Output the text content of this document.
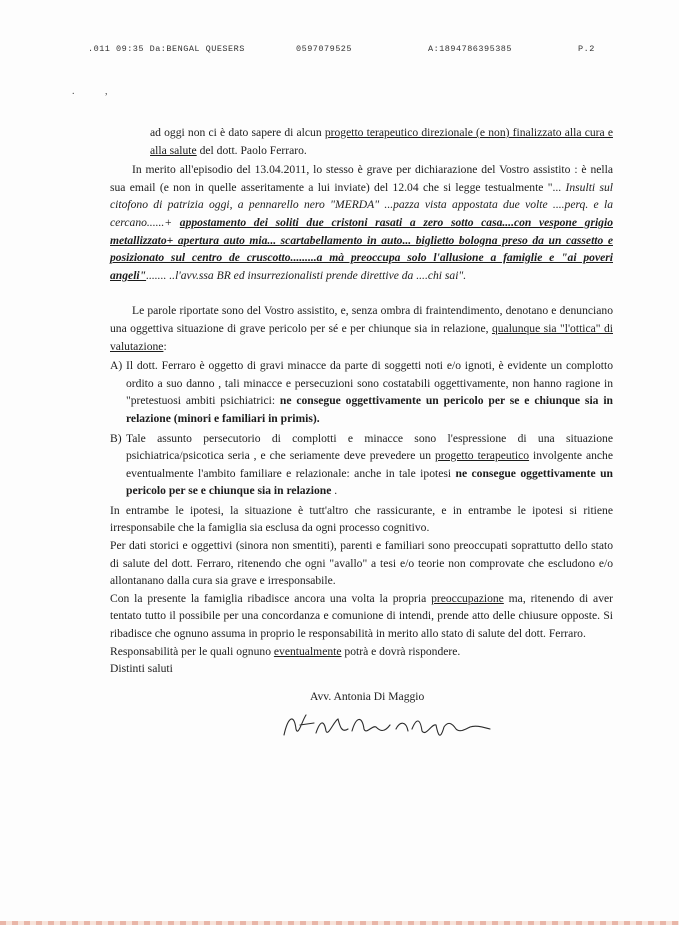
.011 09:35 Da:BENGAL QUESERS	0597079525	A:1894786395385	P.2
. ,

ad oggi non ci è dato sapere di alcun progetto terapeutico direzionale (e non) finalizzato alla cura e alla salute del dott. Paolo Ferraro.

In merito all'episodio del 13.04.2011, lo stesso è grave per dichiarazione del Vostro assistito : è nella sua email (e non in quelle asseritamente a lui inviate) del 12.04 che si legge testualmente "... Insulti sul citofono di patrizia oggi, a pennarello nero "MERDA" ...pazza vista appostata due volte ....perq. e la cercano......+ appostamento dei soliti due cristoni rasati a zero sotto casa....con vespone grigio metallizzato+ apertura auto mia... scartabellamento in auto... biglietto bologna preso da un cassetto e posizionato sul centro de cruscotto.........a mà preoccupa solo l'allusione a famiglie e "ai poveri angeli"....... ..l'avv.ssa BR ed insurrezionalisti prende direttive da ....chi sai".

Le parole riportate sono del Vostro assistito, e, senza ombra di fraintendimento, denotano e denunciano una oggettiva situazione di grave pericolo per sé e per chiunque sia in relazione, qualunque sia "l'ottica" di valutazione:

A) Il dott. Ferraro è oggetto di gravi minacce da parte di soggetti noti e/o ignoti, è evidente un complotto ordito a suo danno , tali minacce e persecuzioni sono costatabili oggettivamente, non hanno ragione in "pretestuosi ambiti psichiatrici: ne consegue oggettivamente un pericolo per se e chiunque sia in relazione (minori e familiari in primis).
B) Tale assunto persecutorio di complotti e minacce sono l'espressione di una situazione psichiatrica/psicotica seria , e che seriamente deve prevedere un progetto terapeutico involgente anche eventualmente l'ambito familiare e relazionale: anche in tale ipotesi ne consegue oggettivamente un pericolo per se e chiunque sia in relazione .

In entrambe le ipotesi, la situazione è tutt'altro che rassicurante, e in entrambe le ipotesi si ritiene irresponsabile che la famiglia sia esclusa da ogni processo cognitivo.

Per dati storici e oggettivi (sinora non smentiti), parenti e familiari sono preoccupati soprattutto dello stato di salute del dott. Ferraro, ritenendo che ogni "avallo" a tesi e/o teorie non comprovate che escludono e/o allontanano dalla cura sia grave e irresponsabile.

Con la presente la famiglia ribadisce ancora una volta la propria preoccupazione ma, ritenendo di aver tentato tutto il possibile per una concordanza e comunione di intendi, prende atto delle chiusure opposte. Si ribadisce che ognuno assuma in proprio le responsabilità in merito allo stato di salute del dott. Ferraro.

Responsabilità per le quali ognuno eventualmente potrà e dovrà rispondere.

Distinti saluti

Avv. Antonia Di Maggio
